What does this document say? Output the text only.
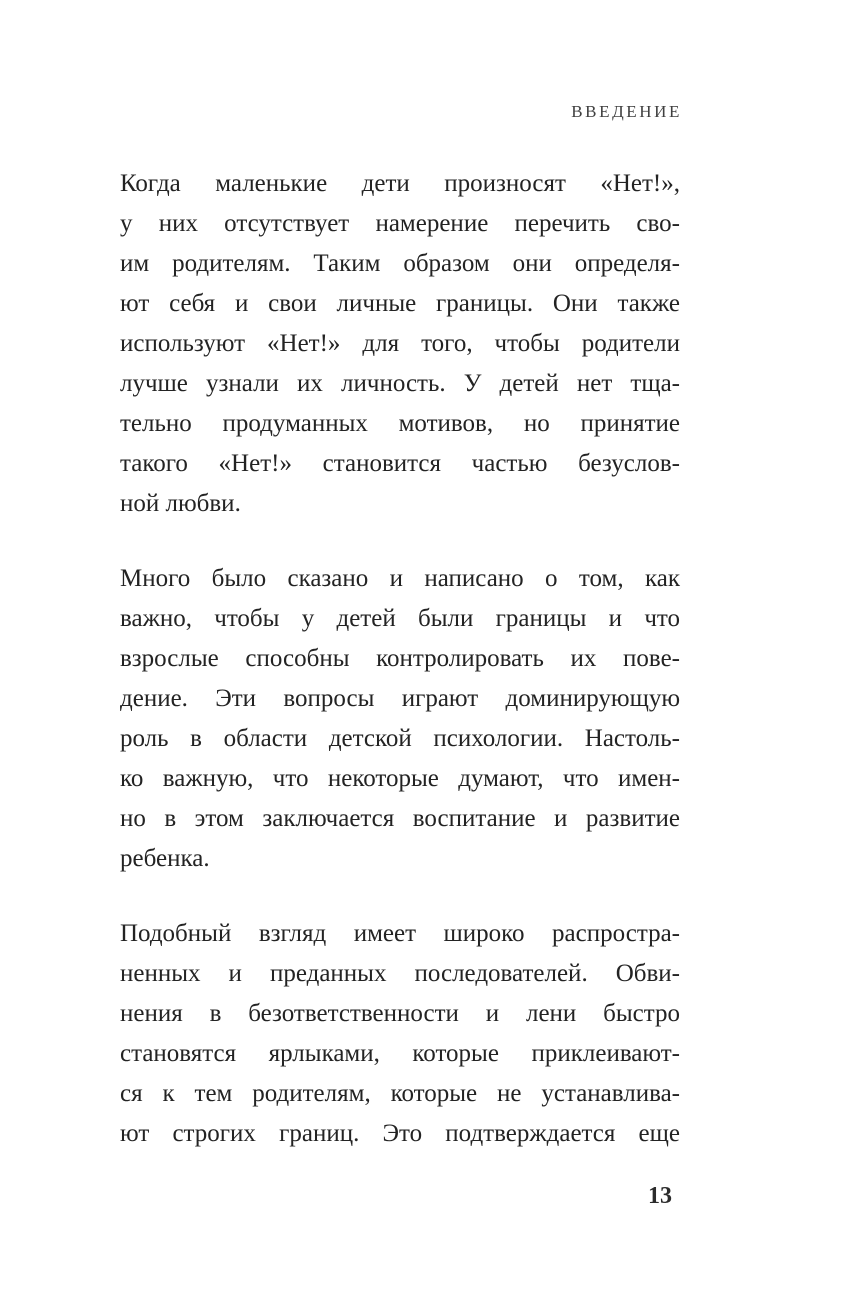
ВВЕДЕНИЕ
Когда маленькие дети произносят «Нет!»,
у них отсутствует намерение перечить сво-
им родителям. Таким образом они определя-
ют себя и свои личные границы. Они также
используют «Нет!» для того, чтобы родители
лучше узнали их личность. У детей нет тща-
тельно продуманных мотивов, но принятие
такого «Нет!» становится частью безуслов-
ной любви.
Много было сказано и написано о том, как
важно, чтобы у детей были границы и что
взрослые способны контролировать их пове-
дение. Эти вопросы играют доминирующую
роль в области детской психологии. Настоль-
ко важную, что некоторые думают, что имен-
но в этом заключается воспитание и развитие
ребенка.
Подобный взгляд имеет широко распростра-
ненных и преданных последователей. Обви-
нения в безответственности и лени быстро
становятся ярлыками, которые приклеивают-
ся к тем родителям, которые не устанавлива-
ют строгих границ. Это подтверждается еще
13
